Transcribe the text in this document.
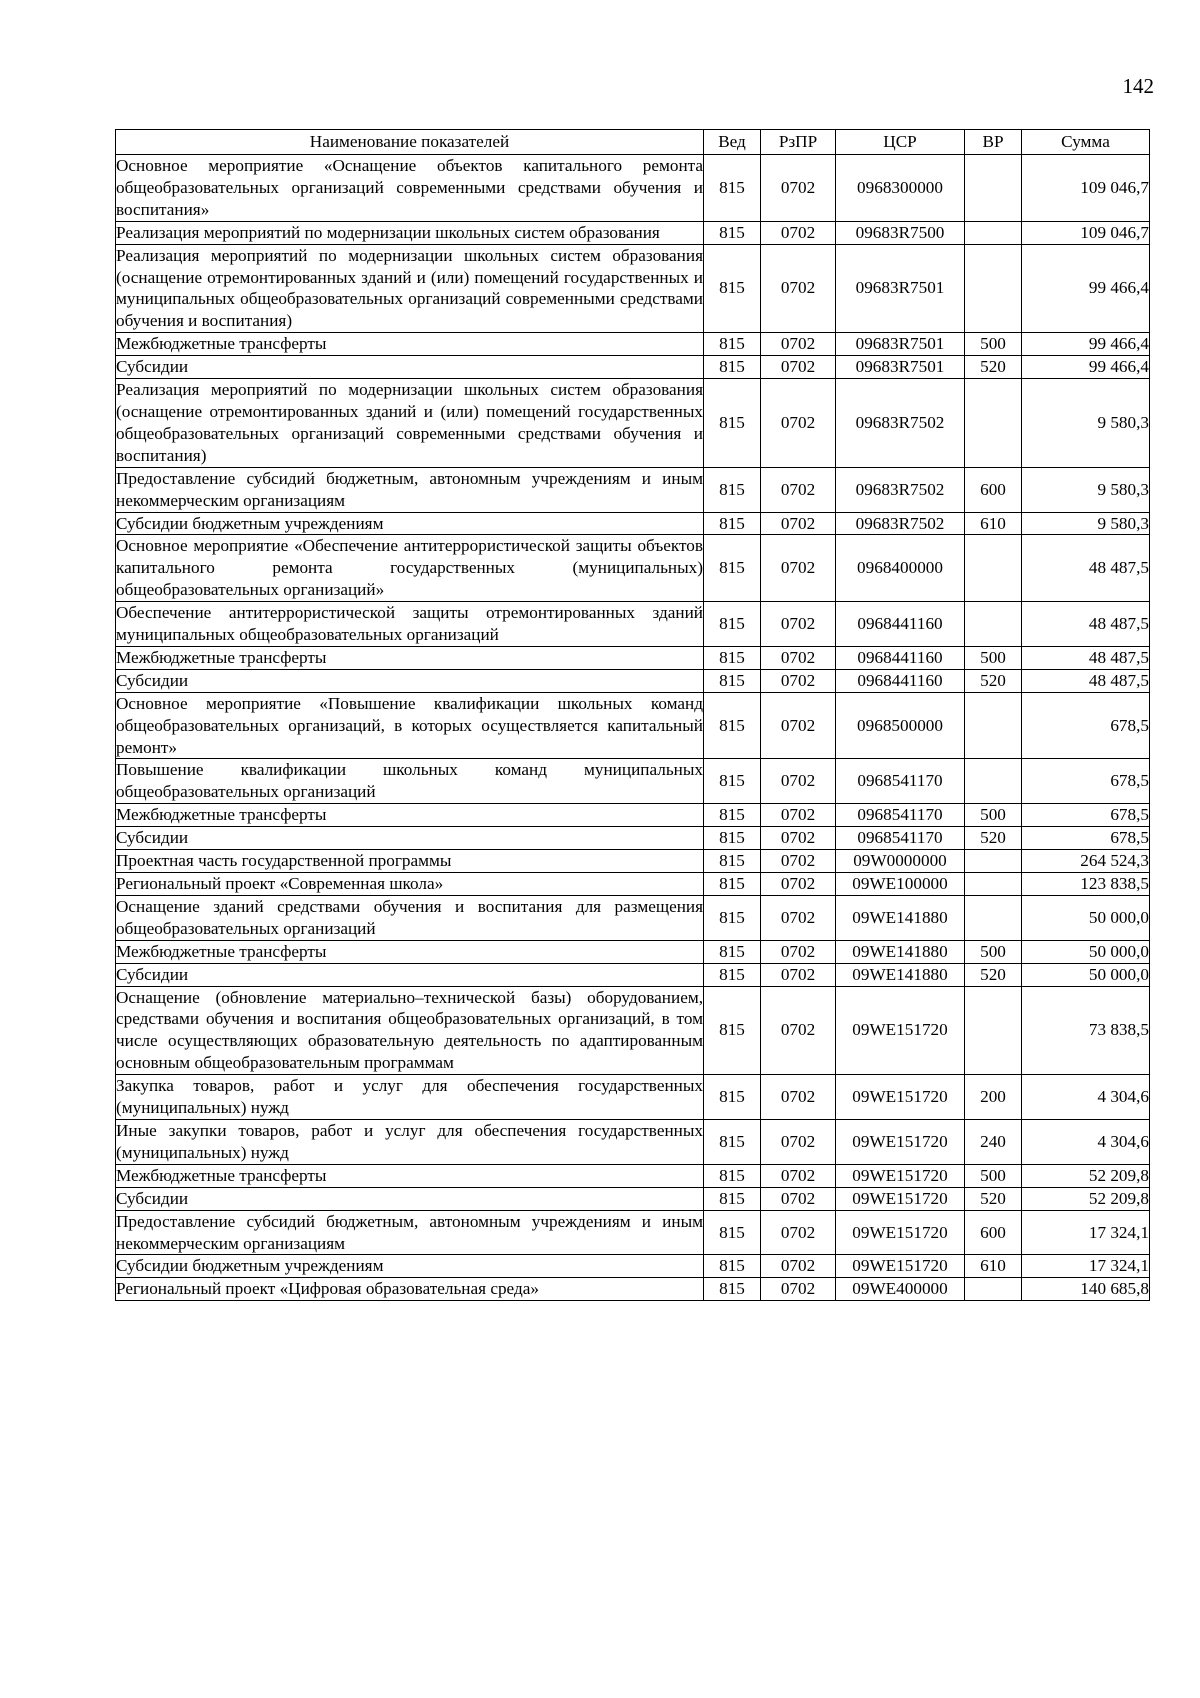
142
Наименование показателей	Вед	РзПР	ЦСР	ВР	Сумма
Основное мероприятие «Оснащение объектов капитального ремонта общеобразовательных организаций современными средствами обучения и воспитания»	815	0702	0968300000		109 046,7
Реализация мероприятий по модернизации школьных систем образования	815	0702	09683R7500		109 046,7
Реализация мероприятий по модернизации школьных систем образования (оснащение отремонтированных зданий и (или) помещений государственных и муниципальных общеобразовательных организаций современными средствами обучения и воспитания)	815	0702	09683R7501		99 466,4
Межбюджетные трансферты	815	0702	09683R7501	500	99 466,4
Субсидии	815	0702	09683R7501	520	99 466,4
Реализация мероприятий по модернизации школьных систем образования (оснащение отремонтированных зданий и (или) помещений государственных общеобразовательных организаций современными средствами обучения и воспитания)	815	0702	09683R7502		9 580,3
Предоставление субсидий бюджетным, автономным учреждениям и иным некоммерческим организациям	815	0702	09683R7502	600	9 580,3
Субсидии бюджетным учреждениям	815	0702	09683R7502	610	9 580,3
Основное мероприятие «Обеспечение антитеррористической защиты объектов капитального ремонта государственных (муниципальных) общеобразовательных организаций»	815	0702	0968400000		48 487,5
Обеспечение антитеррористической защиты отремонтированных зданий муниципальных общеобразовательных организаций	815	0702	0968441160		48 487,5
Межбюджетные трансферты	815	0702	0968441160	500	48 487,5
Субсидии	815	0702	0968441160	520	48 487,5
Основное мероприятие «Повышение квалификации школьных команд общеобразовательных организаций, в которых осуществляется капитальный ремонт»	815	0702	0968500000		678,5
Повышение квалификации школьных команд муниципальных общеобразовательных организаций	815	0702	0968541170		678,5
Межбюджетные трансферты	815	0702	0968541170	500	678,5
Субсидии	815	0702	0968541170	520	678,5
Проектная часть государственной программы	815	0702	09W0000000		264 524,3
Региональный проект «Современная школа»	815	0702	09WE100000		123 838,5
Оснащение зданий средствами обучения и воспитания для размещения общеобразовательных организаций	815	0702	09WE141880		50 000,0
Межбюджетные трансферты	815	0702	09WE141880	500	50 000,0
Субсидии	815	0702	09WE141880	520	50 000,0
Оснащение (обновление материально–технической базы) оборудованием, средствами обучения и воспитания общеобразовательных организаций, в том числе осуществляющих образовательную деятельность по адаптированным основным общеобразовательным программам	815	0702	09WE151720		73 838,5
Закупка товаров, работ и услуг для обеспечения государственных (муниципальных) нужд	815	0702	09WE151720	200	4 304,6
Иные закупки товаров, работ и услуг для обеспечения государственных (муниципальных) нужд	815	0702	09WE151720	240	4 304,6
Межбюджетные трансферты	815	0702	09WE151720	500	52 209,8
Субсидии	815	0702	09WE151720	520	52 209,8
Предоставление субсидий бюджетным, автономным учреждениям и иным некоммерческим организациям	815	0702	09WE151720	600	17 324,1
Субсидии бюджетным учреждениям	815	0702	09WE151720	610	17 324,1
Региональный проект «Цифровая образовательная среда»	815	0702	09WE400000		140 685,8
